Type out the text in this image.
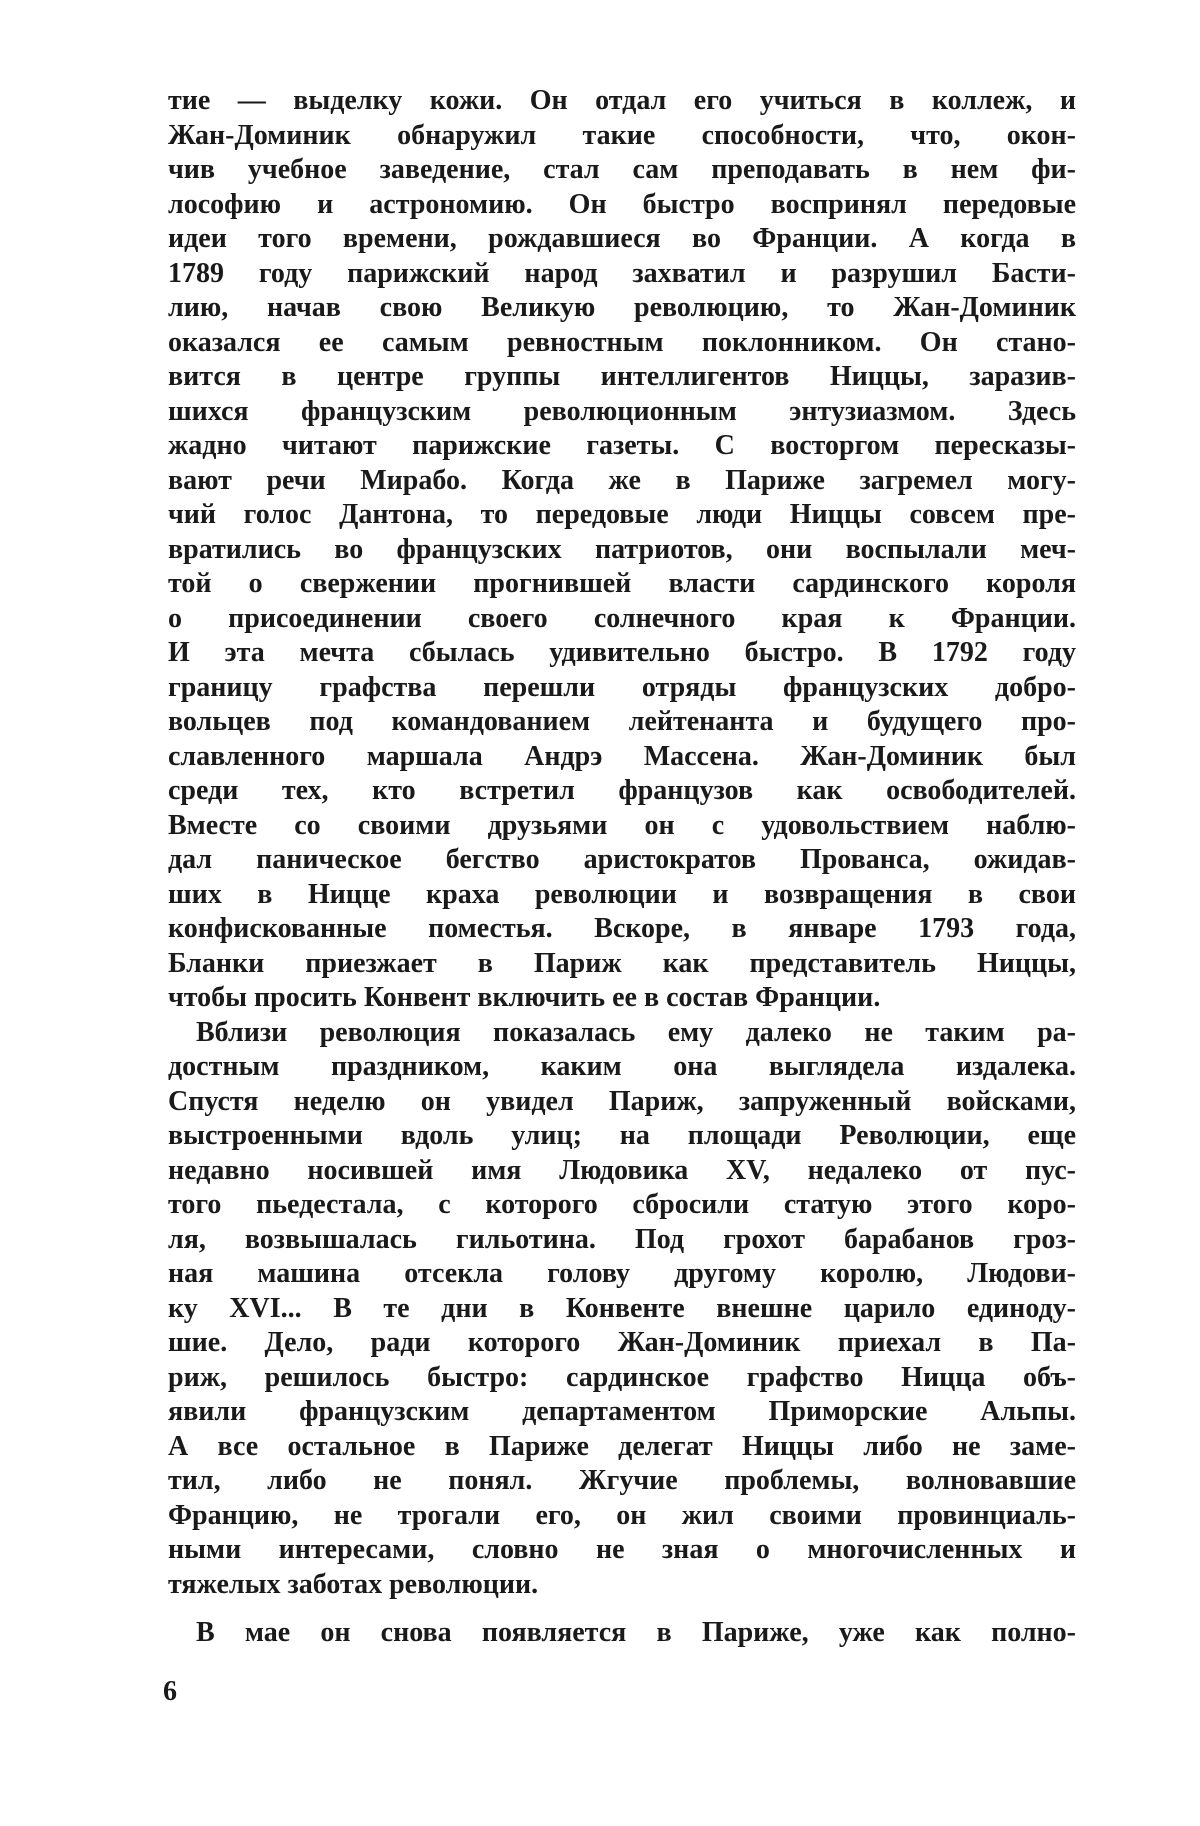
тие — выделку кожи. Он отдал его учиться в коллеж, и
Жан-Доминик обнаружил такие способности, что, окон-
чив учебное заведение, стал сам преподавать в нем фи-
лософию и астрономию. Он быстро воспринял передовые
идеи того времени, рождавшиеся во Франции. А когда в
1789 году парижский народ захватил и разрушил Басти-
лию, начав свою Великую революцию, то Жан-Доминик
оказался ее самым ревностным поклонником. Он стано-
вится в центре группы интеллигентов Ниццы, заразив-
шихся французским революционным энтузиазмом. Здесь
жадно читают парижские газеты. С восторгом пересказы-
вают речи Мирабо. Когда же в Париже загремел могу-
чий голос Дантона, то передовые люди Ниццы совсем пре-
вратились во французских патриотов, они воспылали меч-
той о свержении прогнившей власти сардинского короля
о присоединении своего солнечного края к Франции.
И эта мечта сбылась удивительно быстро. В 1792 году
границу графства перешли отряды французских добро-
вольцев под командованием лейтенанта и будущего про-
славленного маршала Андрэ Массена. Жан-Доминик был
среди тех, кто встретил французов как освободителей.
Вместе со своими друзьями он с удовольствием наблю-
дал паническое бегство аристократов Прованса, ожидав-
ших в Ницце краха революции и возвращения в свои
конфискованные поместья. Вскоре, в январе 1793 года,
Бланки приезжает в Париж как представитель Ниццы,
чтобы просить Конвент включить ее в состав Франции.
Вблизи революция показалась ему далеко не таким ра-
достным праздником, каким она выглядела издалека.
Спустя неделю он увидел Париж, запруженный войсками,
выстроенными вдоль улиц; на площади Революции, еще
недавно носившей имя Людовика XV, недалеко от пус-
того пьедестала, с которого сбросили статую этого коро-
ля, возвышалась гильотина. Под грохот барабанов гроз-
ная машина отсекла голову другому королю, Людови-
ку XVI... В те дни в Конвенте внешне царило единоду-
шие. Дело, ради которого Жан-Доминик приехал в Па-
риж, решилось быстро: сардинское графство Ницца объ-
явили французским департаментом Приморские Альпы.
А все остальное в Париже делегат Ниццы либо не заме-
тил, либо не понял. Жгучие проблемы, волновавшие
Францию, не трогали его, он жил своими провинциаль-
ными интересами, словно не зная о многочисленных и
тяжелых заботах революции.
В мае он снова появляется в Париже, уже как полно-
6
